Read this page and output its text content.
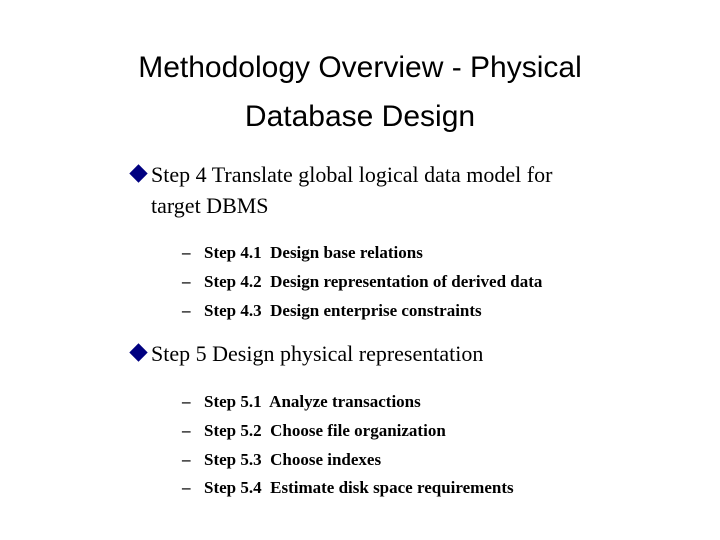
Methodology Overview - Physical
Database Design
Step 4 Translate global logical data model for
target DBMS

– Step 4.1  Design base relations

– Step 4.2  Design representation of derived data

– Step 4.3  Design enterprise constraints

Step 5 Design physical representation

– Step 5.1  Analyze transactions

– Step 5.2  Choose file organization

– Step 5.3  Choose indexes

– Step 5.4  Estimate disk space requirements
